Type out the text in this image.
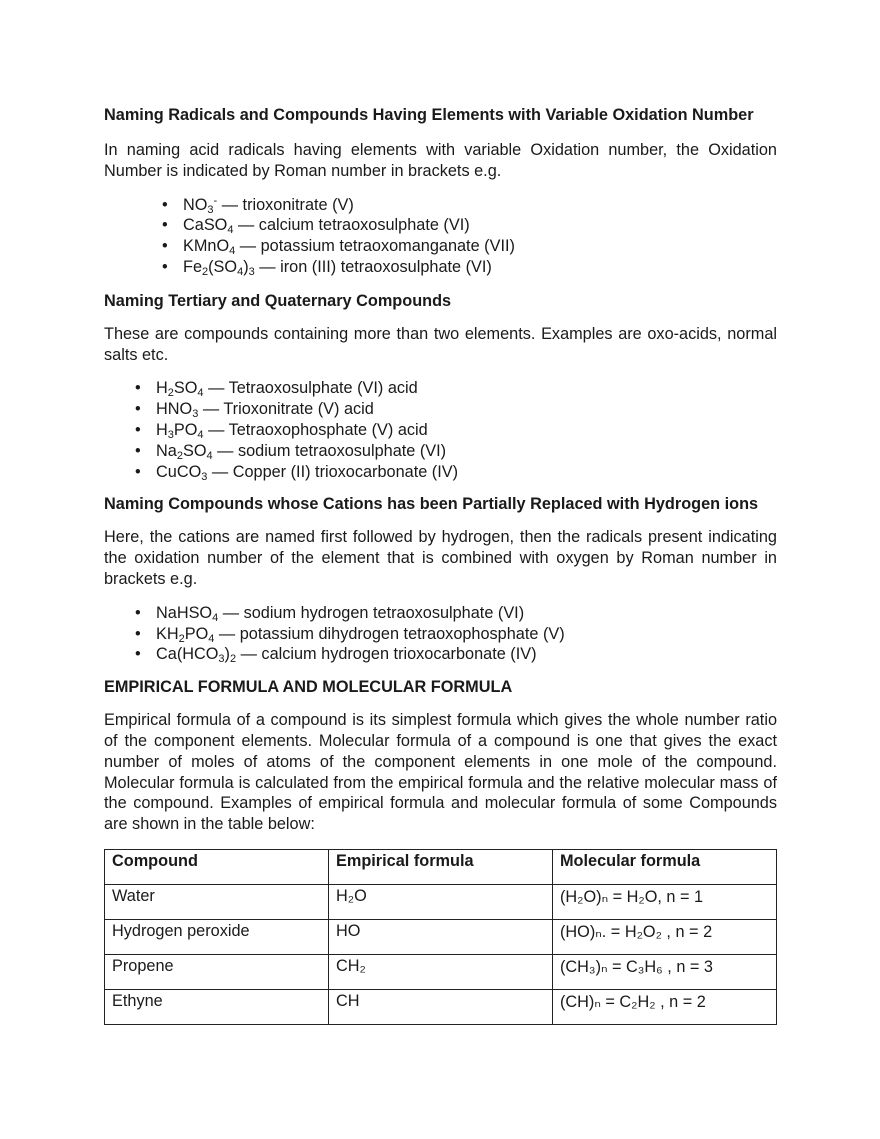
Naming Radicals and Compounds Having Elements with Variable Oxidation Number

In naming acid radicals having elements with variable Oxidation number, the Oxidation Number is indicated by Roman number in brackets e.g.

• $NO_3^-$ — trioxonitrate (V)
• CaSO$_4$ — calcium tetraoxosulphate (VI)
• KMnO$_4$ — potassium tetraoxomanganate (VII)
• $Fe_2(SO_4)_3$ — iron (III) tetraoxosulphate (VI)
Naming Tertiary and Quaternary Compounds

These are compounds containing more than two elements. Examples are oxo-acids, normal salts etc.

• $H_2SO_4$ — Tetraoxosulphate (VI) acid
• $HNO_3$ — Trioxonitrate (V) acid
• $H_3PO_4$ — Tetraoxophosphate (V) acid
• $Na_2SO_4$ — sodium tetraoxosulphate (VI)
• CuCO$_3$ — Copper (II) trioxocarbonate (IV)
Naming Compounds whose Cations has been Partially Replaced with Hydrogen ions

Here, the cations are named first followed by hydrogen, then the radicals present indicating the oxidation number of the element that is combined with oxygen by Roman number in brackets e.g.

• NaHSO$_4$ — sodium hydrogen tetraoxosulphate (VI)
• $KH_2PO_4$ — potassium dihydrogen tetraoxophosphate (V)
• $Ca(HCO_3)_2$ — calcium hydrogen trioxocarbonate (IV)
EMPIRICAL FORMULA AND MOLECULAR FORMULA

Empirical formula of a compound is its simplest formula which gives the whole number ratio of the component elements. Molecular formula of a compound is one that gives the exact number of moles of atoms of the component elements in one mole of the compound. Molecular formula is calculated from the empirical formula and the relative molecular mass of the compound. Examples of empirical formula and molecular formula of some Compounds are shown in the table below:

Compound	Empirical formula	Molecular formula
Water	H₂O	(H₂O)ₙ = H₂O, n = 1
Hydrogen peroxide	HO	(HO)ₙ. = H₂O₂ , n = 2
Propene	CH₂	(CH₃)ₙ = C₃H₆ , n = 3
Ethyne	CH	(CH)ₙ = C₂H₂ , n = 2
